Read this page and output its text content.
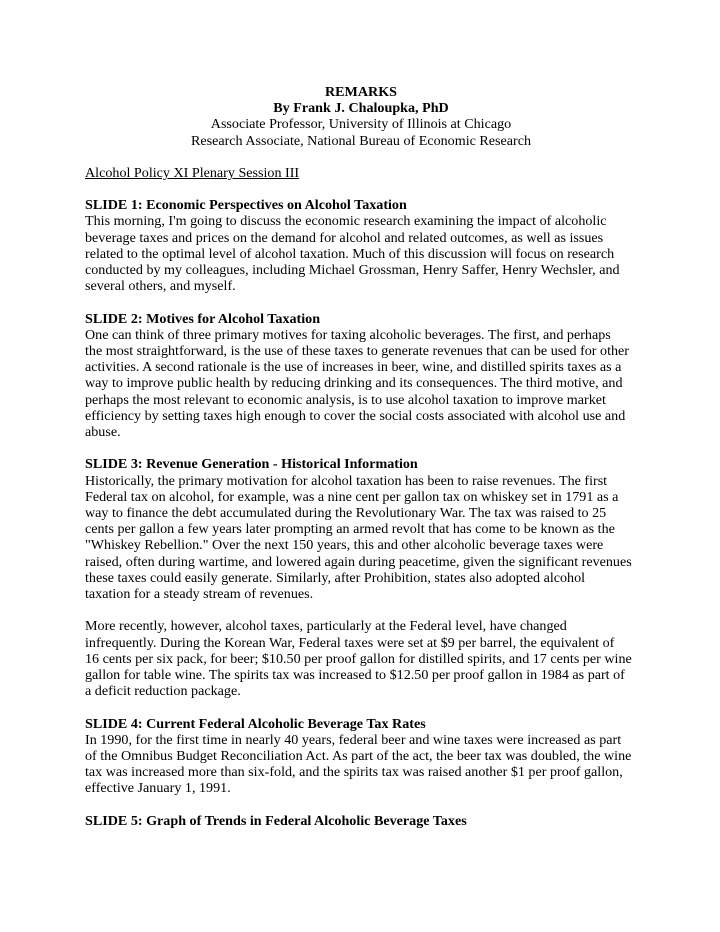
REMARKS
By Frank J. Chaloupka, PhD
Associate Professor, University of Illinois at Chicago
Research Associate, National Bureau of Economic Research
Alcohol Policy XI Plenary Session III
SLIDE 1: Economic Perspectives on Alcohol Taxation
This morning, I'm going to discuss the economic research examining the impact of alcoholic
beverage taxes and prices on the demand for alcohol and related outcomes, as well as issues
related to the optimal level of alcohol taxation. Much of this discussion will focus on research
conducted by my colleagues, including Michael Grossman, Henry Saffer, Henry Wechsler, and
several others, and myself.
SLIDE 2: Motives for Alcohol Taxation
One can think of three primary motives for taxing alcoholic beverages. The first, and perhaps
the most straightforward, is the use of these taxes to generate revenues that can be used for other
activities. A second rationale is the use of increases in beer, wine, and distilled spirits taxes as a
way to improve public health by reducing drinking and its consequences. The third motive, and
perhaps the most relevant to economic analysis, is to use alcohol taxation to improve market
efficiency by setting taxes high enough to cover the social costs associated with alcohol use and
abuse.
SLIDE 3: Revenue Generation - Historical Information
Historically, the primary motivation for alcohol taxation has been to raise revenues. The first
Federal tax on alcohol, for example, was a nine cent per gallon tax on whiskey set in 1791 as a
way to finance the debt accumulated during the Revolutionary War. The tax was raised to 25
cents per gallon a few years later prompting an armed revolt that has come to be known as the
"Whiskey Rebellion." Over the next 150 years, this and other alcoholic beverage taxes were
raised, often during wartime, and lowered again during peacetime, given the significant revenues
these taxes could easily generate. Similarly, after Prohibition, states also adopted alcohol
taxation for a steady stream of revenues.
More recently, however, alcohol taxes, particularly at the Federal level, have changed
infrequently. During the Korean War, Federal taxes were set at $9 per barrel, the equivalent of
16 cents per six pack, for beer; $10.50 per proof gallon for distilled spirits, and 17 cents per wine
gallon for table wine. The spirits tax was increased to $12.50 per proof gallon in 1984 as part of
a deficit reduction package.
SLIDE 4: Current Federal Alcoholic Beverage Tax Rates
In 1990, for the first time in nearly 40 years, federal beer and wine taxes were increased as part
of the Omnibus Budget Reconciliation Act. As part of the act, the beer tax was doubled, the wine
tax was increased more than six-fold, and the spirits tax was raised another $1 per proof gallon,
effective January 1, 1991.
SLIDE 5: Graph of Trends in Federal Alcoholic Beverage Taxes
